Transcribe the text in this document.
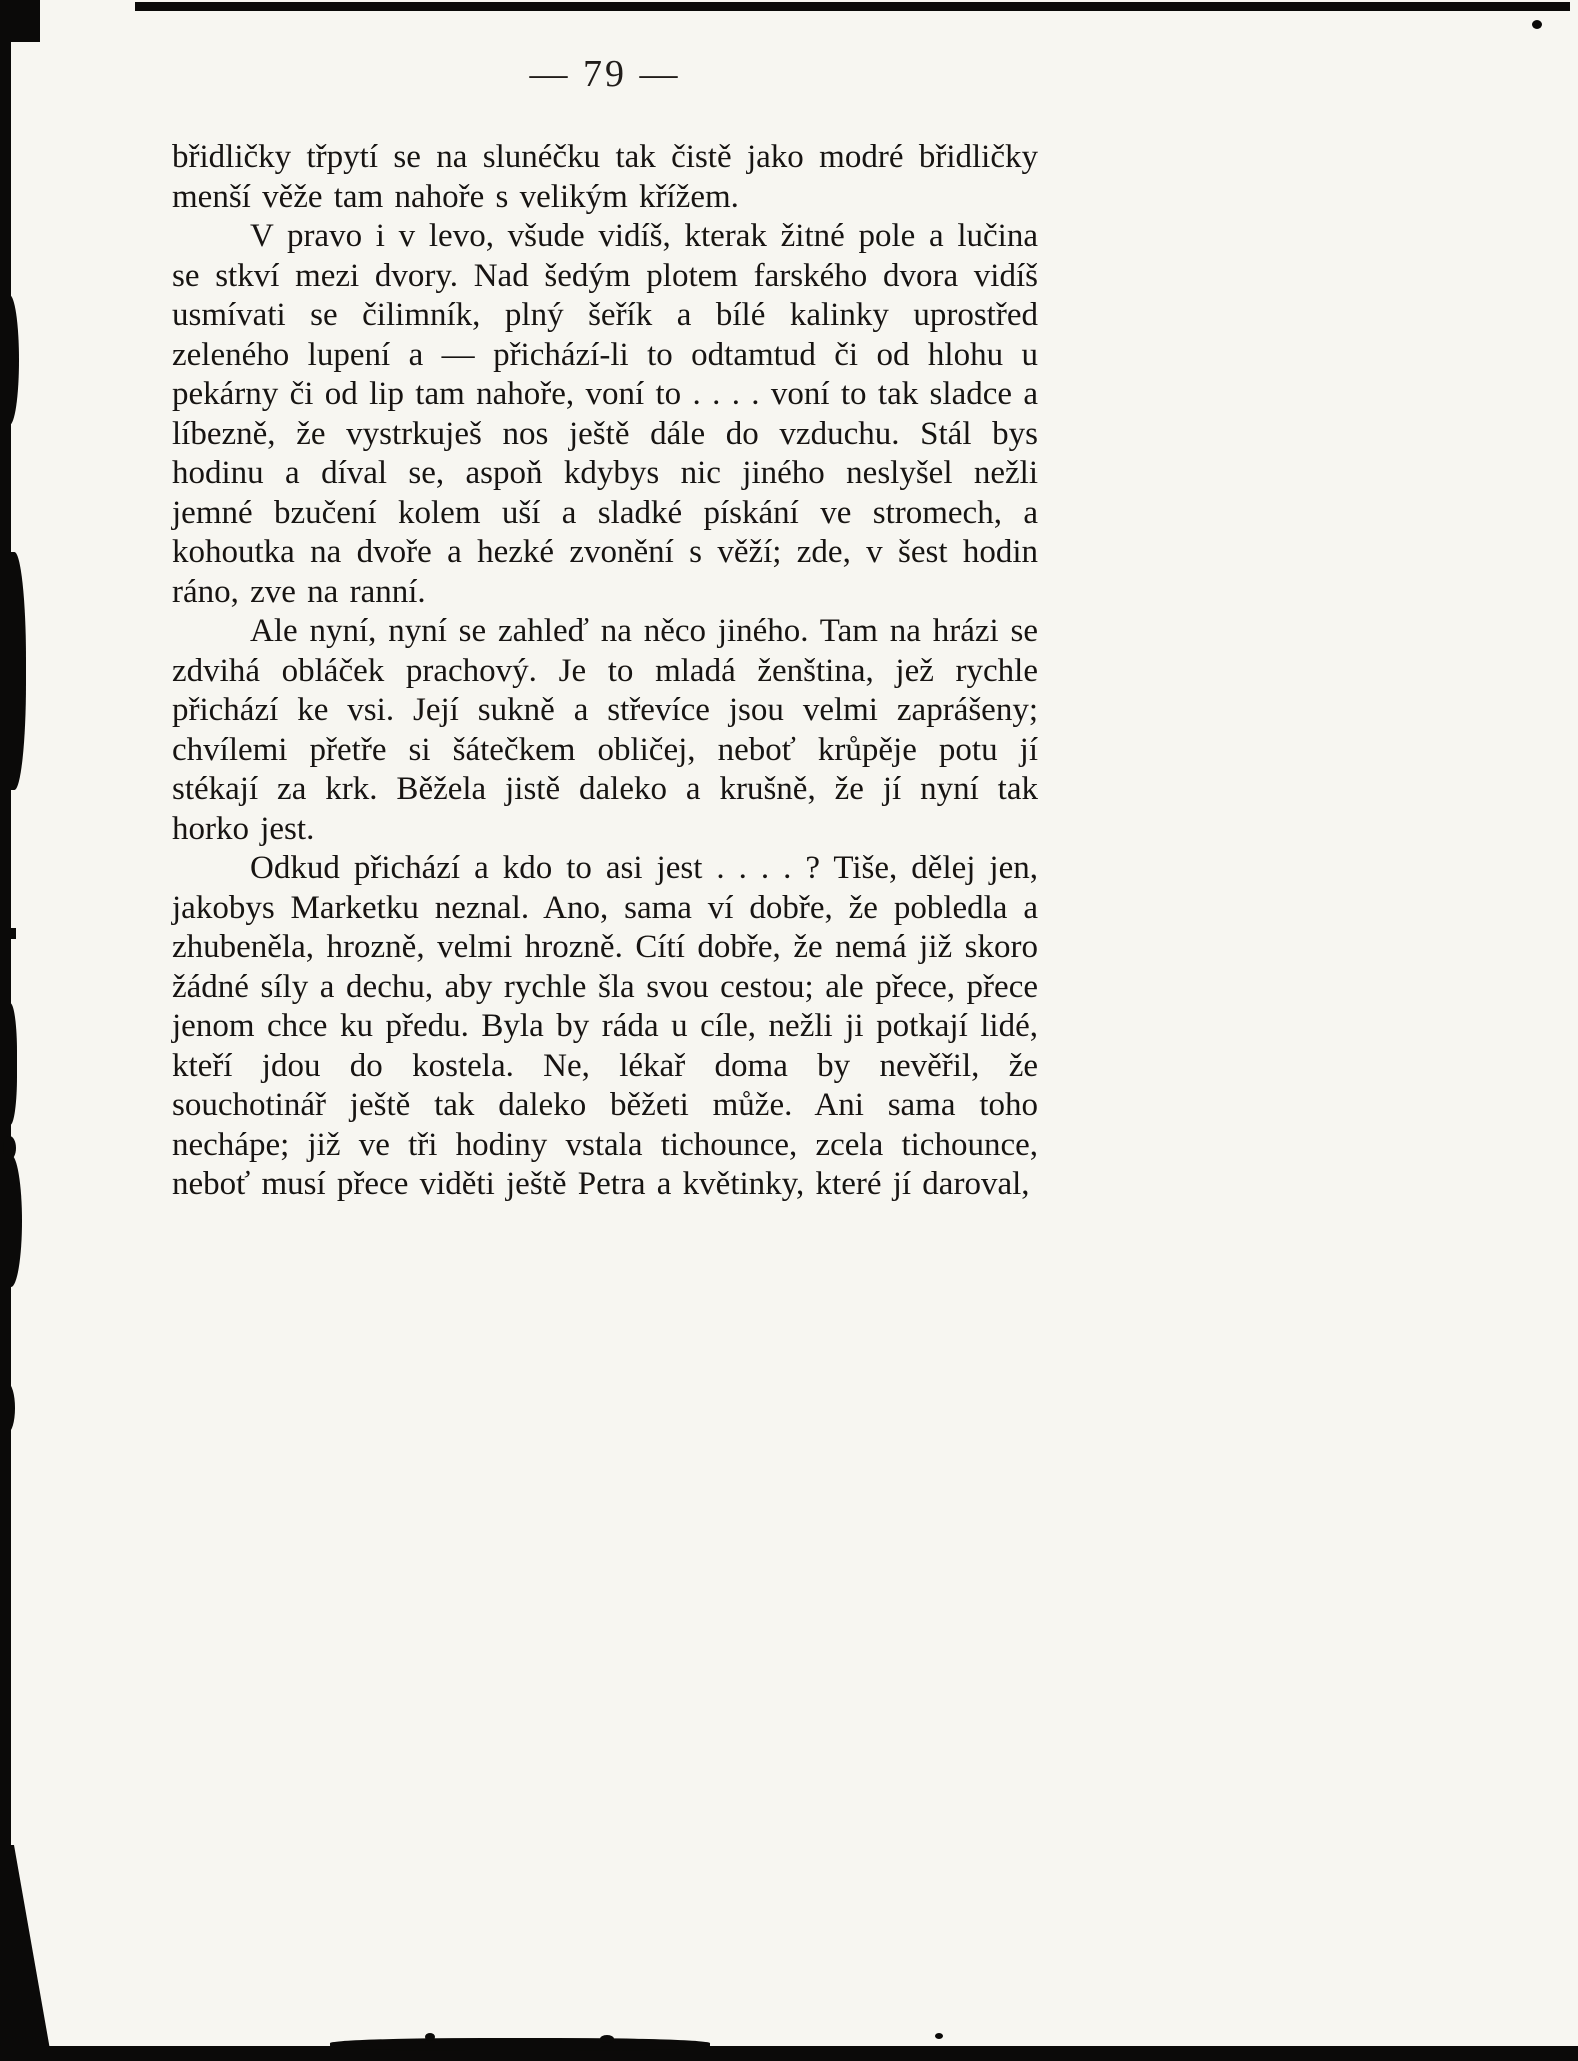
— 79 —

břidličky třpytí se na slunéčku tak čistě jako modré břidličky menší věže tam nahoře s velikým křížem.

V pravo i v levo, všude vidíš, kterak žitné pole a lučina se stkví mezi dvory. Nad šedým plotem farského dvora vidíš usmívati se čilimník, plný šeřík a bílé kalinky uprostřed zeleného lupení a — přichází-li to odtamtud či od hlohu u pekárny či od lip tam nahoře, voní to . . . . voní to tak sladce a líbezně, že vystrkuješ nos ještě dále do vzduchu. Stál bys hodinu a díval se, aspoň kdybys nic jiného neslyšel nežli jemné bzučení kolem uší a sladké pískání ve stromech, a kohoutka na dvoře a hezké zvonění s věží; zde, v šest hodin ráno, zve na ranní.

Ale nyní, nyní se zahleď na něco jiného. Tam na hrázi se zdvihá obláček prachový. Je to mladá ženština, jež rychle přichází ke vsi. Její sukně a střevíce jsou velmi zaprášeny; chvílemi přetře si šátečkem obličej, neboť krůpěje potu jí stékají za krk. Běžela jistě daleko a krušně, že jí nyní tak horko jest.

Odkud přichází a kdo to asi jest . . . . ? Tiše, dělej jen, jakobys Marketku neznal. Ano, sama ví dobře, že pobledla a zhubeněla, hrozně, velmi hrozně. Cítí dobře, že nemá již skoro žádné síly a dechu, aby rychle šla svou cestou; ale přece, přece jenom chce ku předu. Byla by ráda u cíle, nežli ji potkají lidé, kteří jdou do kostela. Ne, lékař doma by nevěřil, že souchotinář ještě tak daleko běžeti může. Ani sama toho nechápe; již ve tři hodiny vstala tichounce, zcela tichounce, neboť musí přece viděti ještě Petra a květinky, které jí daroval,
